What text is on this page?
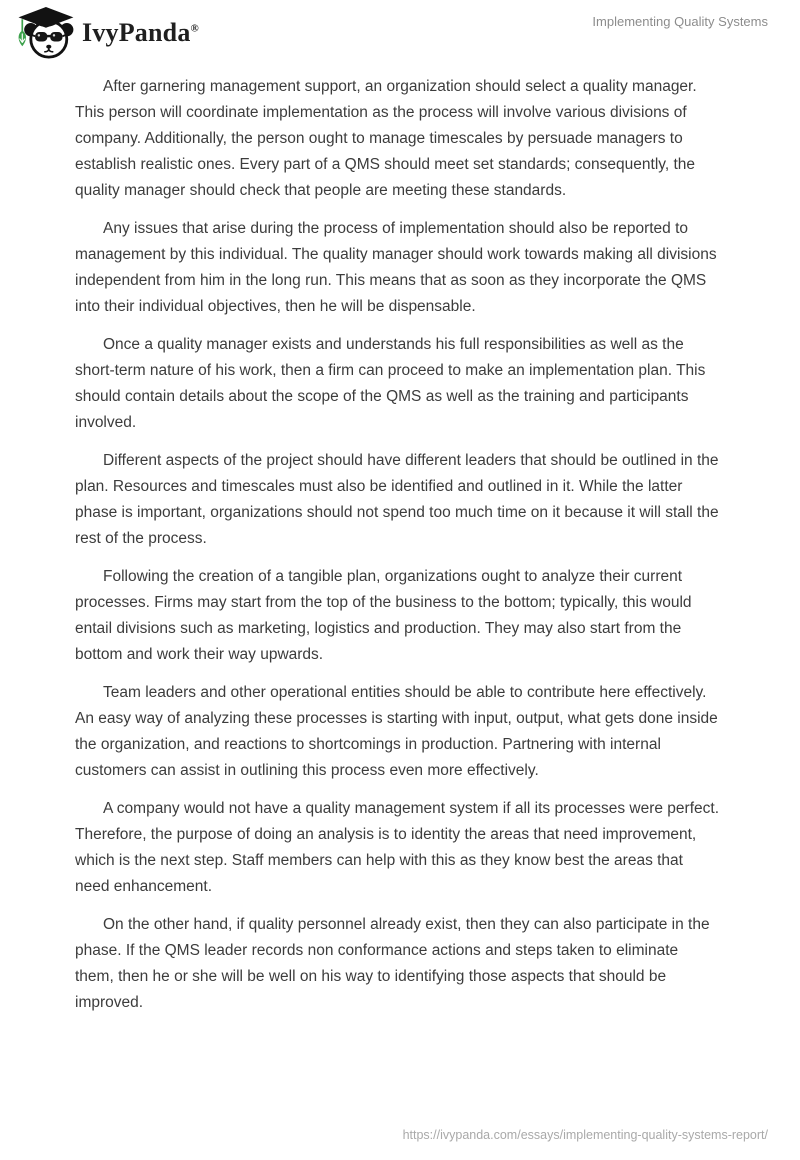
IvyPanda®	Implementing Quality Systems

After garnering management support, an organization should select a quality manager. This person will coordinate implementation as the process will involve various divisions of company. Additionally, the person ought to manage timescales by persuade managers to establish realistic ones. Every part of a QMS should meet set standards; consequently, the quality manager should check that people are meeting these standards.

Any issues that arise during the process of implementation should also be reported to management by this individual. The quality manager should work towards making all divisions independent from him in the long run. This means that as soon as they incorporate the QMS into their individual objectives, then he will be dispensable.

Once a quality manager exists and understands his full responsibilities as well as the short-term nature of his work, then a firm can proceed to make an implementation plan. This should contain details about the scope of the QMS as well as the training and participants involved.

Different aspects of the project should have different leaders that should be outlined in the plan. Resources and timescales must also be identified and outlined in it. While the latter phase is important, organizations should not spend too much time on it because it will stall the rest of the process.

Following the creation of a tangible plan, organizations ought to analyze their current processes. Firms may start from the top of the business to the bottom; typically, this would entail divisions such as marketing, logistics and production. They may also start from the bottom and work their way upwards.

Team leaders and other operational entities should be able to contribute here effectively. An easy way of analyzing these processes is starting with input, output, what gets done inside the organization, and reactions to shortcomings in production. Partnering with internal customers can assist in outlining this process even more effectively.

A company would not have a quality management system if all its processes were perfect. Therefore, the purpose of doing an analysis is to identity the areas that need improvement, which is the next step. Staff members can help with this as they know best the areas that need enhancement.

On the other hand, if quality personnel already exist, then they can also participate in the phase. If the QMS leader records non conformance actions and steps taken to eliminate them, then he or she will be well on his way to identifying those aspects that should be improved.

https://ivypanda.com/essays/implementing-quality-systems-report/
